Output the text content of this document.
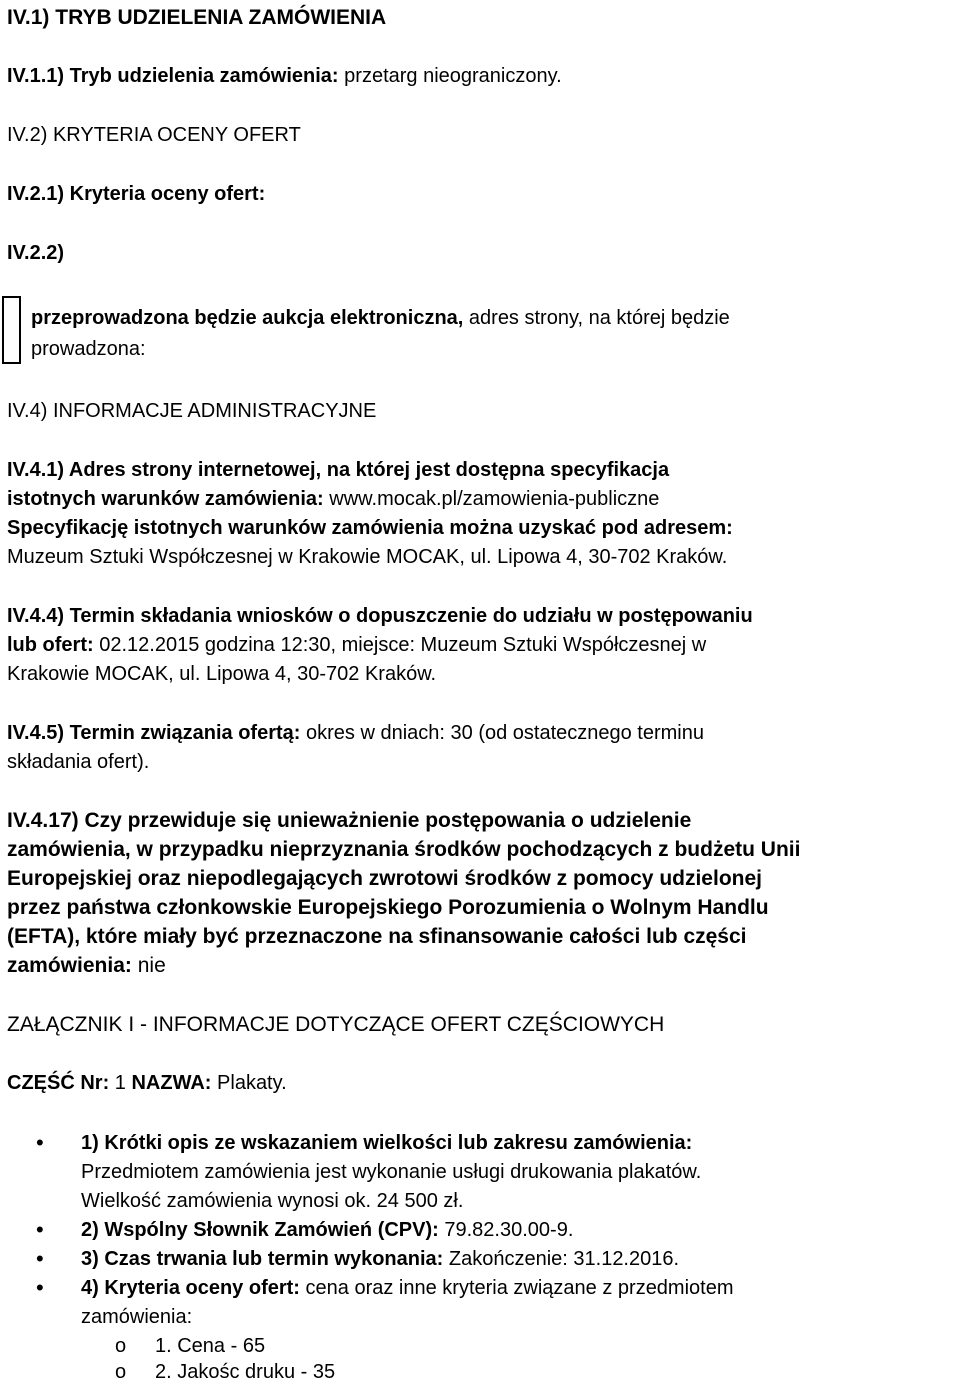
IV.1) TRYB UDZIELENIA ZAMÓWIENIA
IV.1.1) Tryb udzielenia zamówienia: przetarg nieograniczony.
IV.2) KRYTERIA OCENY OFERT
IV.2.1) Kryteria oceny ofert:
IV.2.2)
przeprowadzona będzie aukcja elektroniczna, adres strony, na której będzie
prowadzona:
IV.4) INFORMACJE ADMINISTRACYJNE
IV.4.1) Adres strony internetowej, na której jest dostępna specyfikacja
istotnych warunków zamówienia: www.mocak.pl/zamowienia-publiczne
Specyfikację istotnych warunków zamówienia można uzyskać pod adresem:
Muzeum Sztuki Współczesnej w Krakowie MOCAK, ul. Lipowa 4, 30-702 Kraków.
IV.4.4) Termin składania wniosków o dopuszczenie do udziału w postępowaniu
lub ofert: 02.12.2015 godzina 12:30, miejsce: Muzeum Sztuki Współczesnej w
Krakowie MOCAK, ul. Lipowa 4, 30-702 Kraków.
IV.4.5) Termin związania ofertą: okres w dniach: 30 (od ostatecznego terminu
składania ofert).
IV.4.17) Czy przewiduje się unieważnienie postępowania o udzielenie
zamówienia, w przypadku nieprzyznania środków pochodzących z budżetu Unii
Europejskiej oraz niepodlegających zwrotowi środków z pomocy udzielonej
przez państwa członkowskie Europejskiego Porozumienia o Wolnym Handlu
(EFTA), które miały być przeznaczone na sfinansowanie całości lub części
zamówienia: nie
ZAŁĄCZNIK I - INFORMACJE DOTYCZĄCE OFERT CZĘŚCIOWYCH
CZĘŚĆ Nr: 1 NAZWA: Plakaty.
• 1) Krótki opis ze wskazaniem wielkości lub zakresu zamówienia:
Przedmiotem zamówienia jest wykonanie usługi drukowania plakatów.
Wielkość zamówienia wynosi ok. 24 500 zł.
• 2) Wspólny Słownik Zamówień (CPV): 79.82.30.00-9.
• 3) Czas trwania lub termin wykonania: Zakończenie: 31.12.2016.
• 4) Kryteria oceny ofert: cena oraz inne kryteria związane z przedmiotem
zamówienia:
o 1. Cena - 65
o 2. Jakośc druku - 35
